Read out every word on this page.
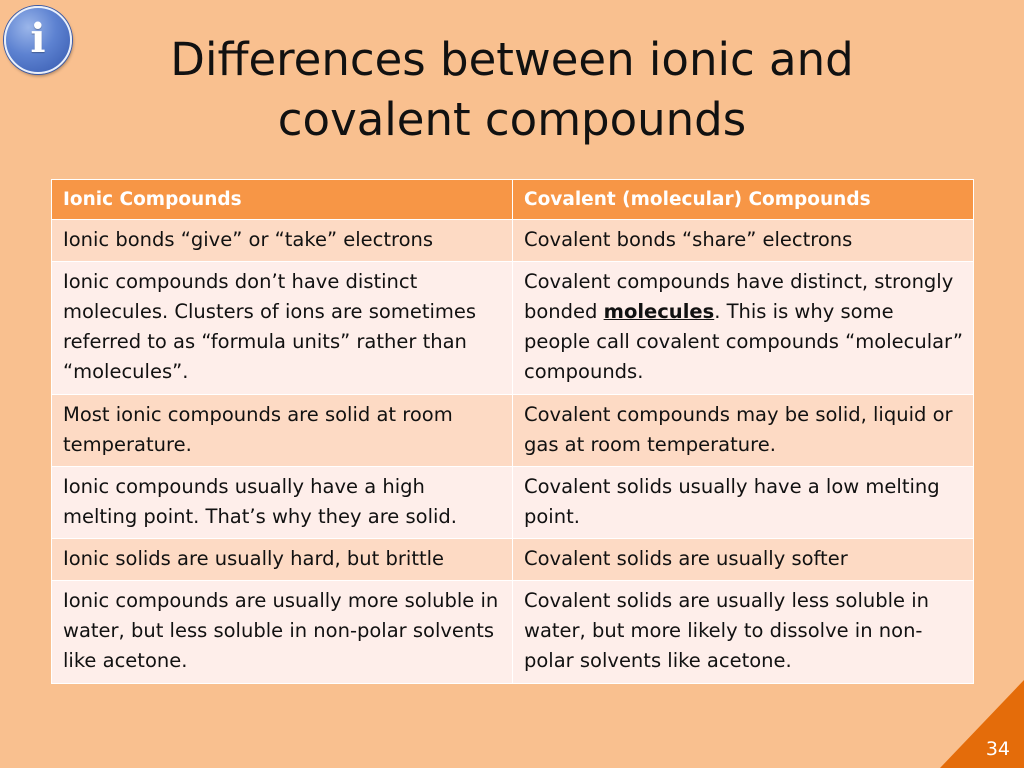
i	Differences between ionic and
covalent compounds
Ionic Compounds	Covalent (molecular) Compounds
Ionic bonds “give” or “take” electrons	Covalent bonds “share” electrons
Ionic compounds don’t have distinct molecules. Clusters of ions are sometimes referred to as “formula units” rather than “molecules”.	Covalent compounds have distinct, strongly bonded molecules. This is why some people call covalent compounds “molecular” compounds.
Most ionic compounds are solid at room temperature.	Covalent compounds may be solid, liquid or gas at room temperature.
Ionic compounds usually have a high melting point. That’s why they are solid.	Covalent solids usually have a low melting point.
Ionic solids are usually hard, but brittle	Covalent solids are usually softer
Ionic compounds are usually more soluble in water, but less soluble in non-polar solvents like acetone.	Covalent solids are usually less soluble in water, but more likely to dissolve in non-polar solvents like acetone.
34
